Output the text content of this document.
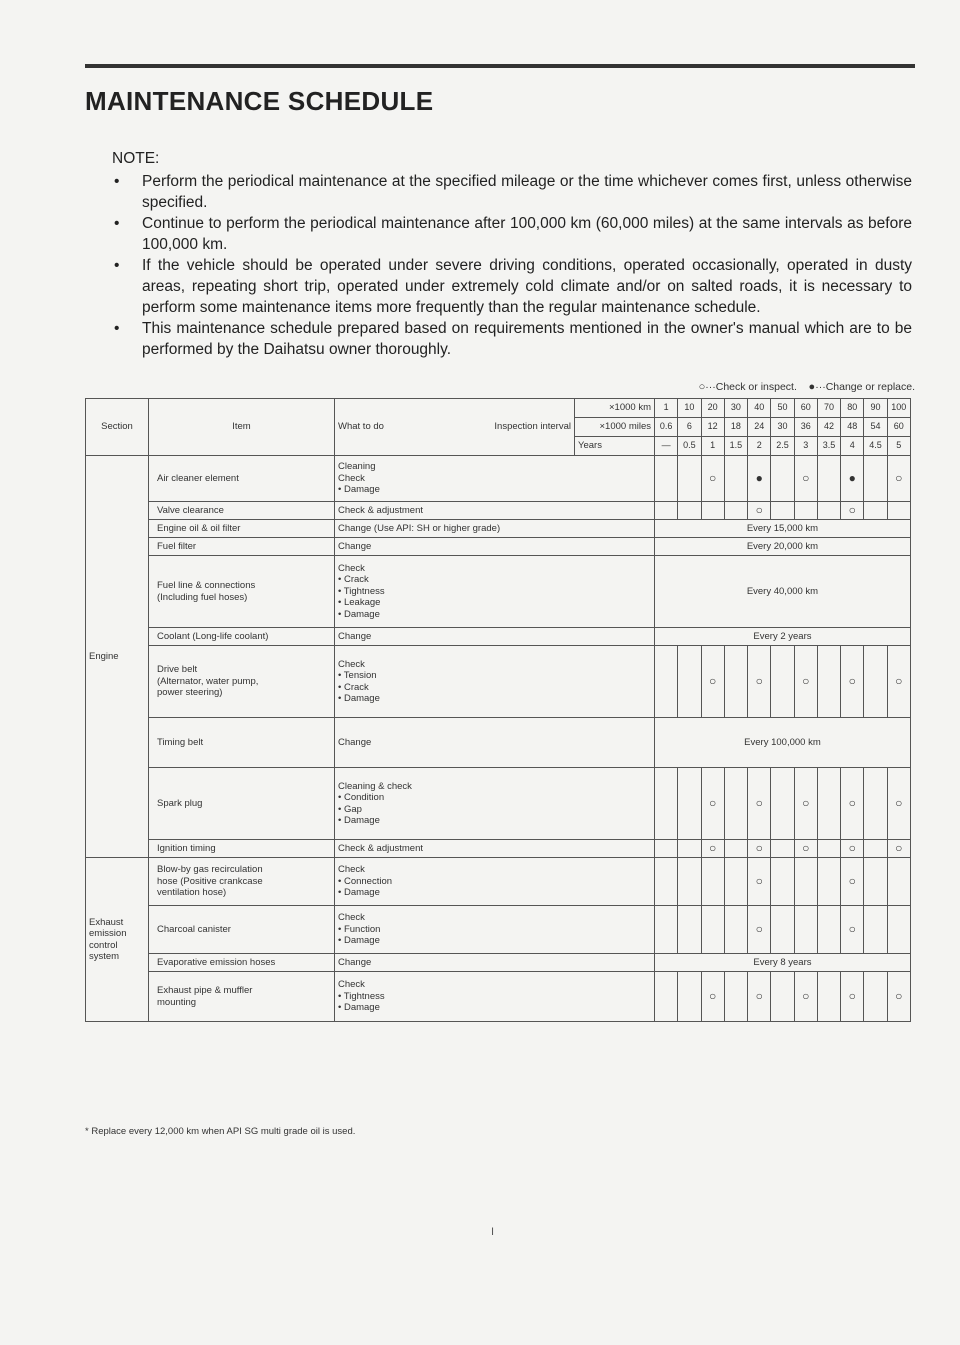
MAINTENANCE SCHEDULE

NOTE:

• Perform the periodical maintenance at the specified mileage or the time whichever comes first, unless otherwise specified.
• Continue to perform the periodical maintenance after 100,000 km (60,000 miles) at the same intervals as before 100,000 km.
• If the vehicle should be operated under severe driving conditions, operated occasionally, operated in dusty areas, repeating short trip, operated under extremely cold climate and/or on salted roads, it is necessary to perform some maintenance items more frequently than the regular maintenance schedule.
• This maintenance schedule prepared based on requirements mentioned in the owner's manual which are to be performed by the Daihatsu owner thoroughly.
○···Check or inspect. ●···Change or replace.
Section	Item	What to do Inspection interval	×1000 km	1	10	20	30	40	50	60	70	80	90	100
			×1000 miles	0.6	6	12	18	24	30	36	42	48	54	60
			Years	—	0.5	1	1.5	2	2.5	3	3.5	4	4.5	5
Engine	Air cleaner element	Cleaning
Check
• Damage				○		●		○		●		○
	Valve clearance	Check & adjustment						○				○		
	Engine oil & oil filter	Change (Use API: SH or higher grade)		Every 15,000 km										
	Fuel filter	Change		Every 20,000 km										
	Fuel line & connections
(Including fuel hoses)	Check
• Crack
• Tightness
• Leakage
• Damage		Every 40,000 km										
	Coolant (Long-life coolant)	Change		Every 2 years										
	Drive belt
(Alternator, water pump,
power steering)	Check
• Tension
• Crack
• Damage				○		○		○		○		○
	Timing belt	Change		Every 100,000 km										
	Spark plug	Cleaning & check
• Condition
• Gap
• Damage				○		○		○		○		○
	Ignition timing	Check & adjustment				○		○		○		○		○
Exhaust
emission
control
system	Blow-by gas recirculation
hose (Positive crankcase
ventilation hose)	Check
• Connection
• Damage						○				○		
	Charcoal canister	Check
• Function
• Damage						○				○		
	Evaporative emission hoses	Change		Every 8 years										
	Exhaust pipe & muffler
mounting	Check
• Tightness
• Damage				○		○		○		○		○
* Replace every 12,000 km when API SG multi grade oil is used.
I
